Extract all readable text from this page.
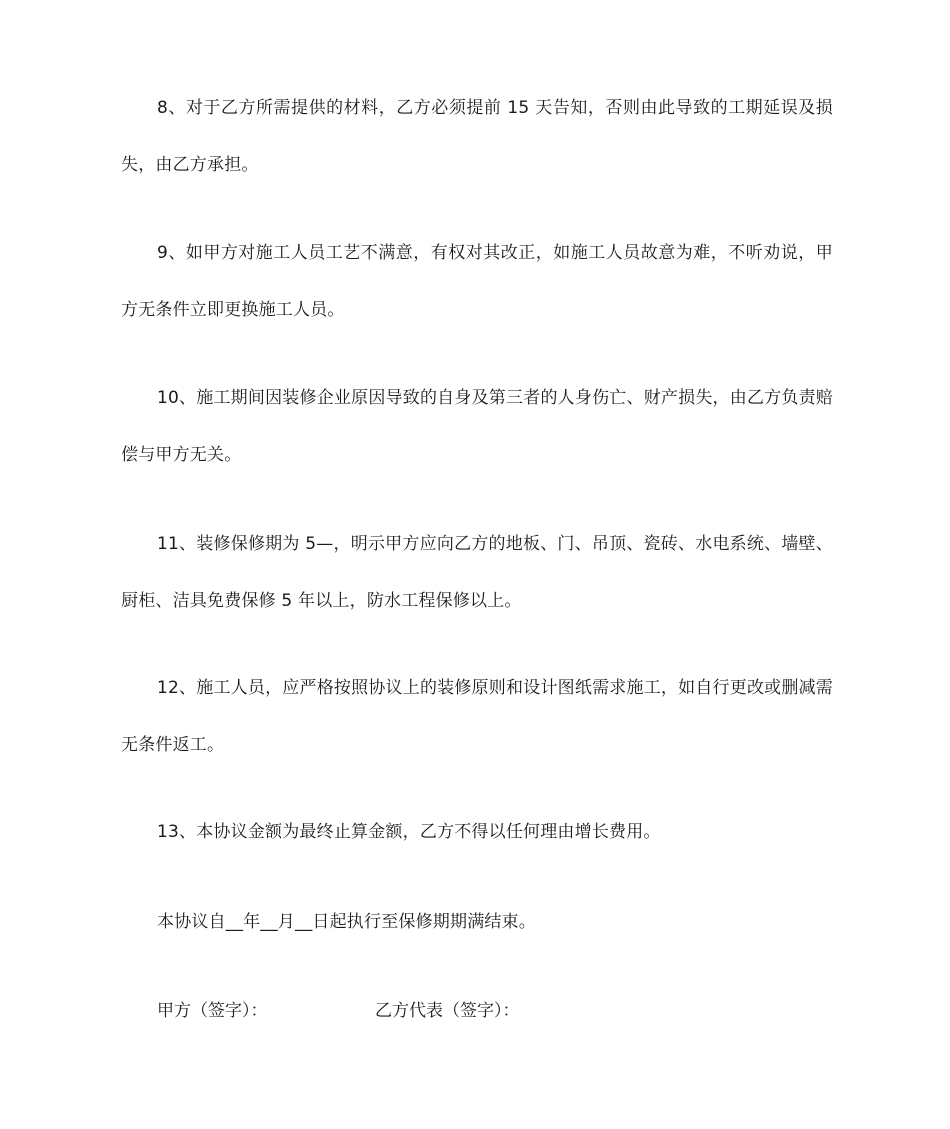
8、对于乙方所需提供的材料，乙方必须提前 15 天告知，否则由此导致的工期延误及损失，由乙方承担。

9、如甲方对施工人员工艺不满意，有权对其改正，如施工人员故意为难，不听劝说，甲方无条件立即更换施工人员。

10、施工期间因装修企业原因导致的自身及第三者的人身伤亡、财产损失，由乙方负责赔偿与甲方无关。

11、装修保修期为 5—，明示甲方应向乙方的地板、门、吊顶、瓷砖、水电系统、墙壁、厨柜、洁具免费保修 5 年以上，防水工程保修以上。

12、施工人员，应严格按照协议上的装修原则和设计图纸需求施工，如自行更改或删减需无条件返工。

13、本协议金额为最终止算金额，乙方不得以任何理由增长费用。

本协议自__年__月__日起执行至保修期期满结束。

甲方（签字）：	乙方代表（签字）：
